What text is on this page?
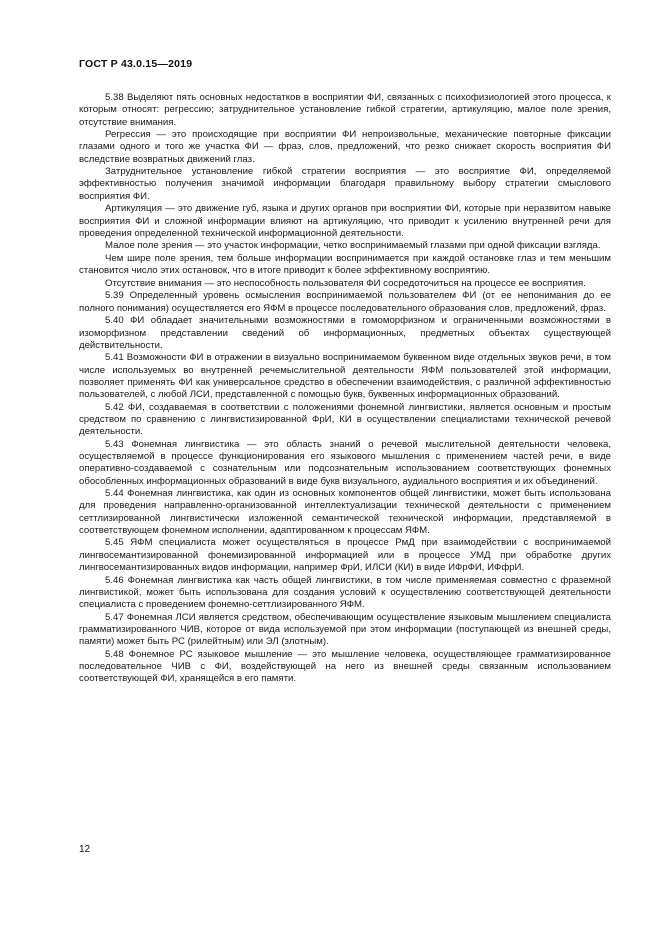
ГОСТ Р 43.0.15—2019

5.38 Выделяют пять основных недостатков в восприятии ФИ, связанных с психофизиологией этого процесса, к которым относят: регрессию; затруднительное установление гибкой стратегии, артикуляцию, малое поле зрения, отсутствие внимания.

Регрессия — это происходящие при восприятии ФИ непроизвольные, механические повторные фиксации глазами одного и того же участка ФИ — фраз, слов, предложений, что резко снижает скорость восприятия ФИ вследствие возвратных движений глаз.

Затруднительное установление гибкой стратегии восприятия — это восприятие ФИ, определяемой эффективностью получения значимой информации благодаря правильному выбору стратегии смыслового восприятия ФИ.

Артикуляция — это движение губ, языка и других органов при восприятии ФИ, которые при неразвитом навыке восприятия ФИ и сложной информации влияют на артикуляцию, что приводит к усилению внутренней речи для проведения определенной технической информационной деятельности.

Малое поле зрения — это участок информации, четко воспринимаемый глазами при одной фиксации взгляда.

Чем шире поле зрения, тем больше информации воспринимается при каждой остановке глаз и тем меньшим становится число этих остановок, что в итоге приводит к более эффективному восприятию.

Отсутствие внимания — это неспособность пользователя ФИ сосредоточиться на процессе ее восприятия.

5.39 Определенный уровень осмысления воспринимаемой пользователем ФИ (от ее непонимания до ее полного понимания) осуществляется его ЯФМ в процессе последовательного образования слов, предложений, фраз.

5.40 ФИ обладает значительными возможностями в гомоморфизном и ограниченными возможностями в изоморфизном представлении сведений об информационных, предметных объектах существующей действительности.

5.41 Возможности ФИ в отражении в визуально воспринимаемом буквенном виде отдельных звуков речи, в том числе используемых во внутренней речемыслительной деятельности ЯФМ пользователей этой информации, позволяет применять ФИ как универсальное средство в обеспечении взаимодействия, с различной эффективностью пользователей, с любой ЛСИ, представленной с помощью букв, буквенных информационных образований.

5.42 ФИ, создаваемая в соответствии с положениями фонемной лингвистики, является основным и простым средством по сравнению с лингвистизированной ФрИ, КИ в осуществлении специалистами технической речевой деятельности.

5.43 Фонемная лингвистика — это область знаний о речевой мыслительной деятельности человека, осуществляемой в процессе функционирования его языкового мышления с применением частей речи, в виде оперативно-создаваемой с сознательным или подсознательным использованием соответствующих фонемных обособленных информационных образований в виде букв визуального, аудиального восприятия и их объединений.

5.44 Фонемная лингвистика, как один из основных компонентов общей лингвистики, может быть использована для проведения направленно-организованной интеллектуализации технической деятельности с применением сеттлизированной лингвистически изложенной семантической технической информации, представляемой в соответствующем фонемном исполнении, адаптированном к процессам ЯФМ.

5.45 ЯФМ специалиста может осуществляться в процессе РмД при взаимодействии с воспринимаемой лингвосемантизированной фонемизированной информацией или в процессе УМД при обработке других лингвосемантизированных видов информации, например ФрИ, ИЛСИ (КИ) в виде ИФрФИ, ИФфрИ.

5.46 Фонемная лингвистика как часть общей лингвистики, в том числе применяемая совместно с фраземной лингвистикой, может быть использована для создания условий к осуществлению соответствующей деятельности специалиста с проведением фонемно-сеттлизированного ЯФМ.

5.47 Фонемная ЛСИ является средством, обеспечивающим осуществление языковым мышлением специалиста грамматизированного ЧИВ, которое от вида используемой при этом информации (поступающей из внешней среды, памяти) может быть РС (рилейтным) или ЭЛ (злотным).

5.48 Фонемное РС языковое мышление — это мышление человека, осуществляющее грамматизированное последовательное ЧИВ с ФИ, воздействующей на него из внешней среды связанным использованием соответствующей ФИ, хранящейся в его памяти.

12
